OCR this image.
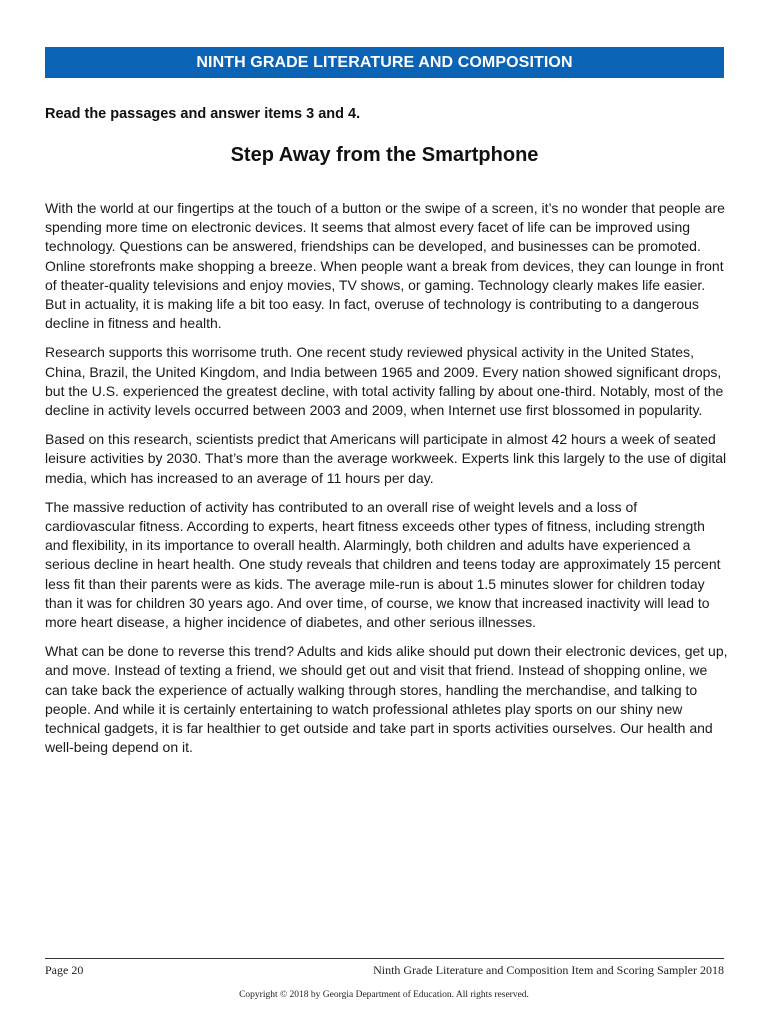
NINTH GRADE LITERATURE AND COMPOSITION
Read the passages and answer items 3 and 4.
Step Away from the Smartphone

With the world at our fingertips at the touch of a button or the swipe of a screen, it’s no wonder that people are spending more time on electronic devices. It seems that almost every facet of life can be improved using technology. Questions can be answered, friendships can be developed, and businesses can be promoted. Online storefronts make shopping a breeze. When people want a break from devices, they can lounge in front of theater-quality televisions and enjoy movies, TV shows, or gaming. Technology clearly makes life easier. But in actuality, it is making life a bit too easy. In fact, overuse of technology is contributing to a dangerous decline in fitness and health.

Research supports this worrisome truth. One recent study reviewed physical activity in the United States, China, Brazil, the United Kingdom, and India between 1965 and 2009. Every nation showed significant drops, but the U.S. experienced the greatest decline, with total activity falling by about one-third. Notably, most of the decline in activity levels occurred between 2003 and 2009, when Internet use first blossomed in popularity.

Based on this research, scientists predict that Americans will participate in almost 42 hours a week of seated leisure activities by 2030. That’s more than the average workweek. Experts link this largely to the use of digital media, which has increased to an average of 11 hours per day.

The massive reduction of activity has contributed to an overall rise of weight levels and a loss of cardiovascular fitness. According to experts, heart fitness exceeds other types of fitness, including strength and flexibility, in its importance to overall health. Alarmingly, both children and adults have experienced a serious decline in heart health. One study reveals that children and teens today are approximately 15 percent less fit than their parents were as kids. The average mile-run is about 1.5 minutes slower for children today than it was for children 30 years ago. And over time, of course, we know that increased inactivity will lead to more heart disease, a higher incidence of diabetes, and other serious illnesses.

What can be done to reverse this trend? Adults and kids alike should put down their electronic devices, get up, and move. Instead of texting a friend, we should get out and visit that friend. Instead of shopping online, we can take back the experience of actually walking through stores, handling the merchandise, and talking to people. And while it is certainly entertaining to watch professional athletes play sports on our shiny new technical gadgets, it is far healthier to get outside and take part in sports activities ourselves. Our health and well-being depend on it.

Page 20	Ninth Grade Literature and Composition Item and Scoring Sampler 2018
Copyright © 2018 by Georgia Department of Education. All rights reserved.
